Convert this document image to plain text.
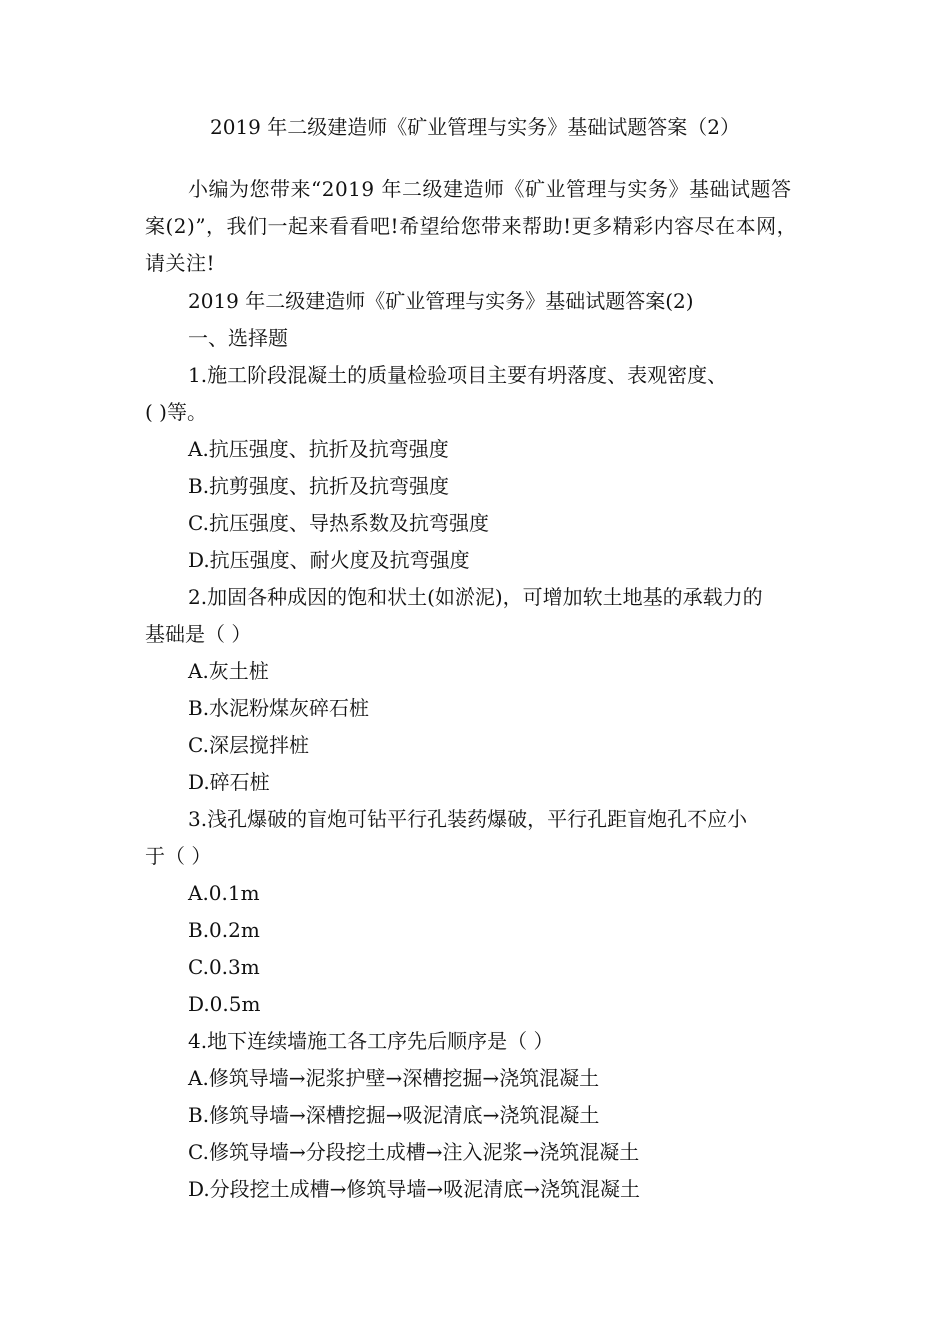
2019 年二级建造师《矿业管理与实务》基础试题答案（2）
小编为您带来“2019 年二级建造师《矿业管理与实务》基础试题答案(2)”，我们一起来看看吧!希望给您带来帮助!更多精彩内容尽在本网，请关注!
2019 年二级建造师《矿业管理与实务》基础试题答案(2)
一、选择题
1.施工阶段混凝土的质量检验项目主要有坍落度、表观密度、
( )等。
A.抗压强度、抗折及抗弯强度
B.抗剪强度、抗折及抗弯强度
C.抗压强度、导热系数及抗弯强度
D.抗压强度、耐火度及抗弯强度
2.加固各种成因的饱和状土(如淤泥)，可增加软土地基的承载力的
基础是（ ）
A.灰土桩
B.水泥粉煤灰碎石桩
C.深层搅拌桩
D.碎石桩
3.浅孔爆破的盲炮可钻平行孔装药爆破，平行孔距盲炮孔不应小
于（ ）
A.0.1m
B.0.2m
C.0.3m
D.0.5m
4.地下连续墙施工各工序先后顺序是（ ）
A.修筑导墙→泥浆护壁→深槽挖掘→浇筑混凝土
B.修筑导墙→深槽挖掘→吸泥清底→浇筑混凝土
C.修筑导墙→分段挖土成槽→注入泥浆→浇筑混凝土
D.分段挖土成槽→修筑导墙→吸泥清底→浇筑混凝土
